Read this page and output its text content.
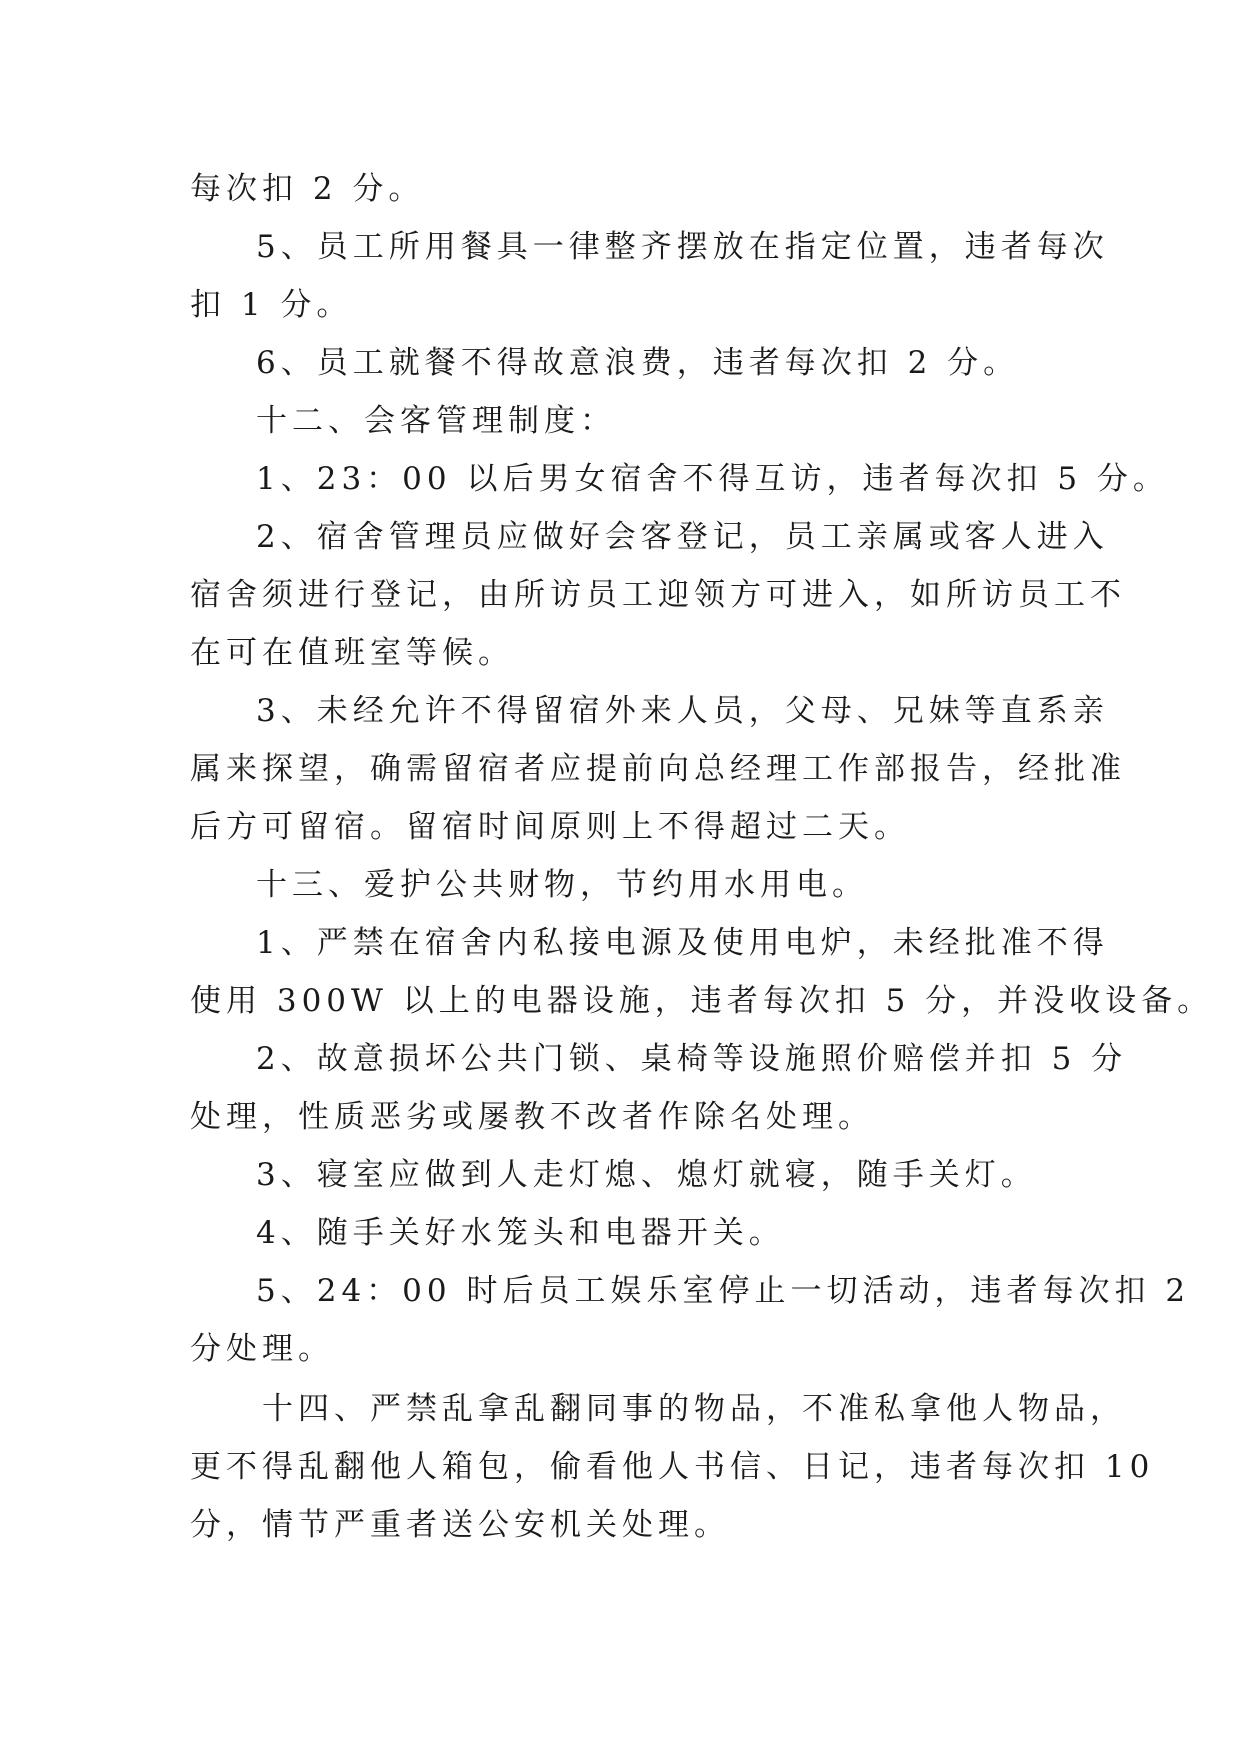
每次扣 2 分。
5、员工所用餐具一律整齐摆放在指定位置，违者每次
扣 1 分。
6、员工就餐不得故意浪费，违者每次扣 2 分。
十二、会客管理制度：
1、23：00 以后男女宿舍不得互访，违者每次扣 5 分。
2、宿舍管理员应做好会客登记，员工亲属或客人进入
宿舍须进行登记，由所访员工迎领方可进入，如所访员工不
在可在值班室等候。
3、未经允许不得留宿外来人员，父母、兄妹等直系亲
属来探望，确需留宿者应提前向总经理工作部报告，经批准
后方可留宿。留宿时间原则上不得超过二天。
十三、爱护公共财物，节约用水用电。
1、严禁在宿舍内私接电源及使用电炉，未经批准不得
使用 300W 以上的电器设施，违者每次扣 5 分，并没收设备。
2、故意损坏公共门锁、桌椅等设施照价赔偿并扣 5 分
处理，性质恶劣或屡教不改者作除名处理。
3、寝室应做到人走灯熄、熄灯就寝，随手关灯。
4、随手关好水笼头和电器开关。
5、24：00 时后员工娱乐室停止一切活动，违者每次扣 2
分处理。
十四、严禁乱拿乱翻同事的物品，不准私拿他人物品，
更不得乱翻他人箱包，偷看他人书信、日记，违者每次扣 10
分，情节严重者送公安机关处理。
